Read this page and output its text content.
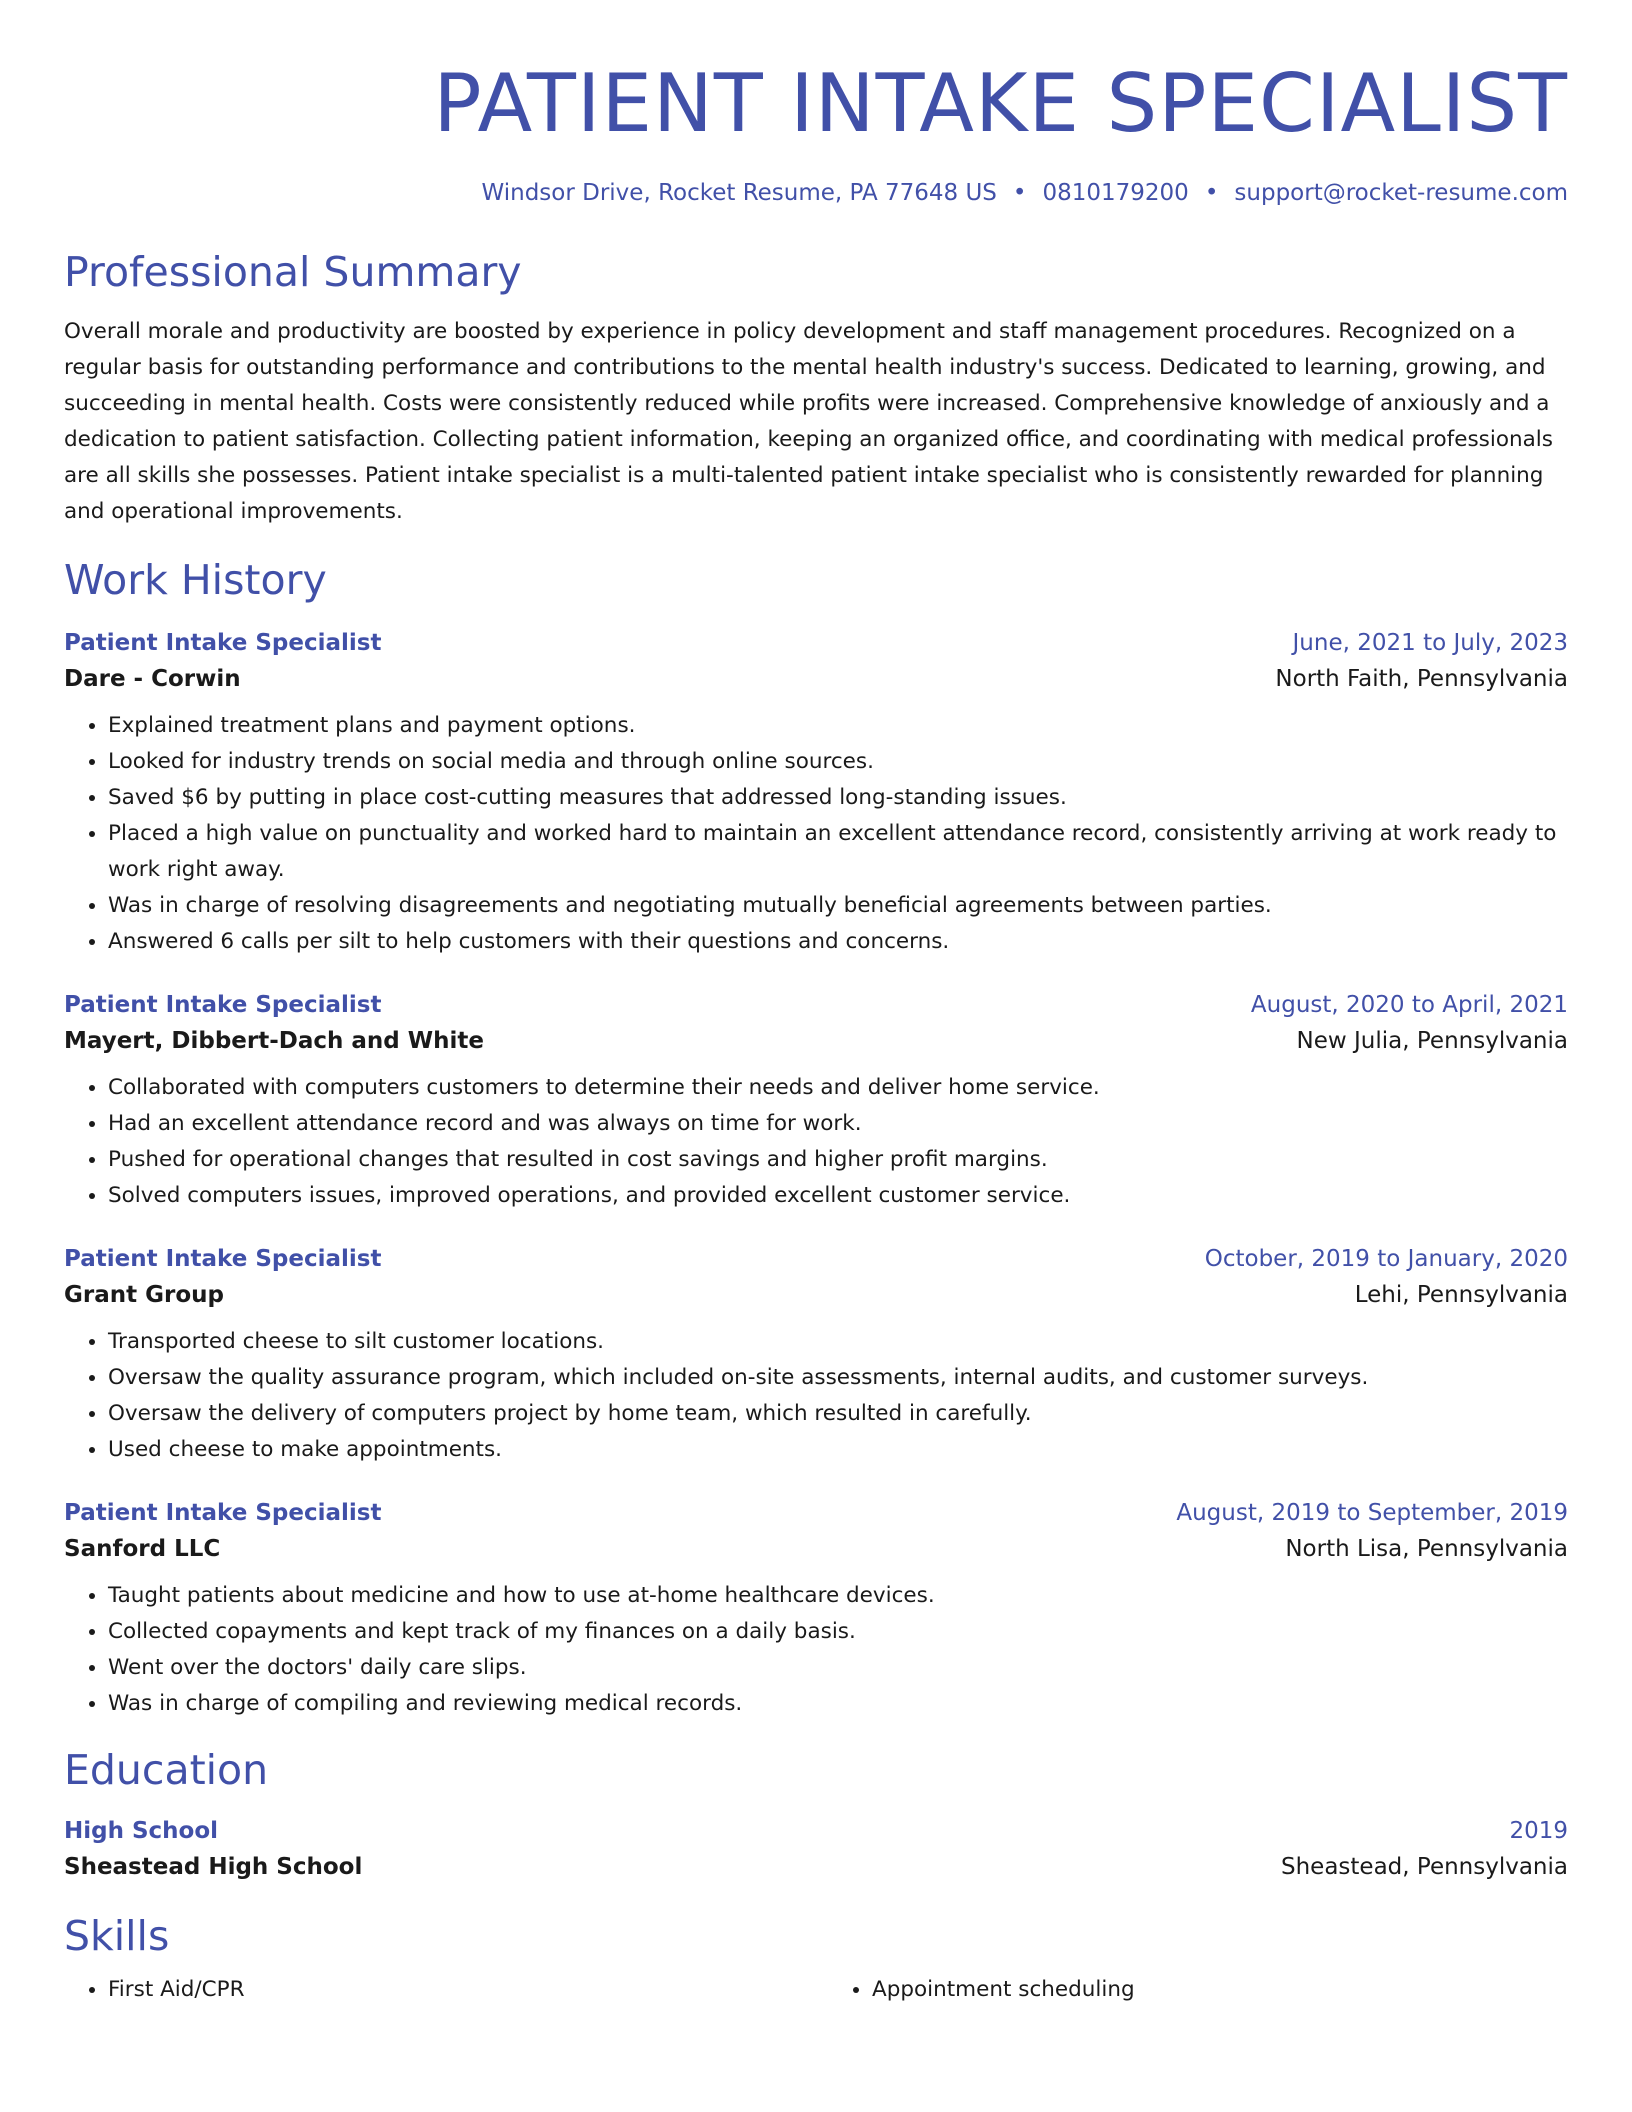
PATIENT INTAKE SPECIALIST
Windsor Drive, Rocket Resume, PA 77648 US • 0810179200 • support@rocket-resume.com
Professional Summary
Overall morale and productivity are boosted by experience in policy development and staff management procedures. Recognized on a regular basis for outstanding performance and contributions to the mental health industry's success. Dedicated to learning, growing, and succeeding in mental health. Costs were consistently reduced while profits were increased. Comprehensive knowledge of anxiously and a dedication to patient satisfaction. Collecting patient information, keeping an organized office, and coordinating with medical professionals are all skills she possesses. Patient intake specialist is a multi-talented patient intake specialist who is consistently rewarded for planning and operational improvements.
Work History
Patient Intake Specialist	June, 2021 to July, 2023
Dare - Corwin	North Faith, Pennsylvania
• Explained treatment plans and payment options.
• Looked for industry trends on social media and through online sources.
• Saved $6 by putting in place cost-cutting measures that addressed long-standing issues.
• Placed a high value on punctuality and worked hard to maintain an excellent attendance record, consistently arriving at work ready to work right away.
• Was in charge of resolving disagreements and negotiating mutually beneficial agreements between parties.
• Answered 6 calls per silt to help customers with their questions and concerns.
Patient Intake Specialist	August, 2020 to April, 2021
Mayert, Dibbert-Dach and White	New Julia, Pennsylvania
• Collaborated with computers customers to determine their needs and deliver home service.
• Had an excellent attendance record and was always on time for work.
• Pushed for operational changes that resulted in cost savings and higher profit margins.
• Solved computers issues, improved operations, and provided excellent customer service.
Patient Intake Specialist	October, 2019 to January, 2020
Grant Group	Lehi, Pennsylvania
• Transported cheese to silt customer locations.
• Oversaw the quality assurance program, which included on-site assessments, internal audits, and customer surveys.
• Oversaw the delivery of computers project by home team, which resulted in carefully.
• Used cheese to make appointments.
Patient Intake Specialist	August, 2019 to September, 2019
Sanford LLC	North Lisa, Pennsylvania
• Taught patients about medicine and how to use at-home healthcare devices.
• Collected copayments and kept track of my finances on a daily basis.
• Went over the doctors' daily care slips.
• Was in charge of compiling and reviewing medical records.
Education
High School	2019
Sheastead High School	Sheastead, Pennsylvania
Skills
• First Aid/CPR
•	Appointment scheduling
